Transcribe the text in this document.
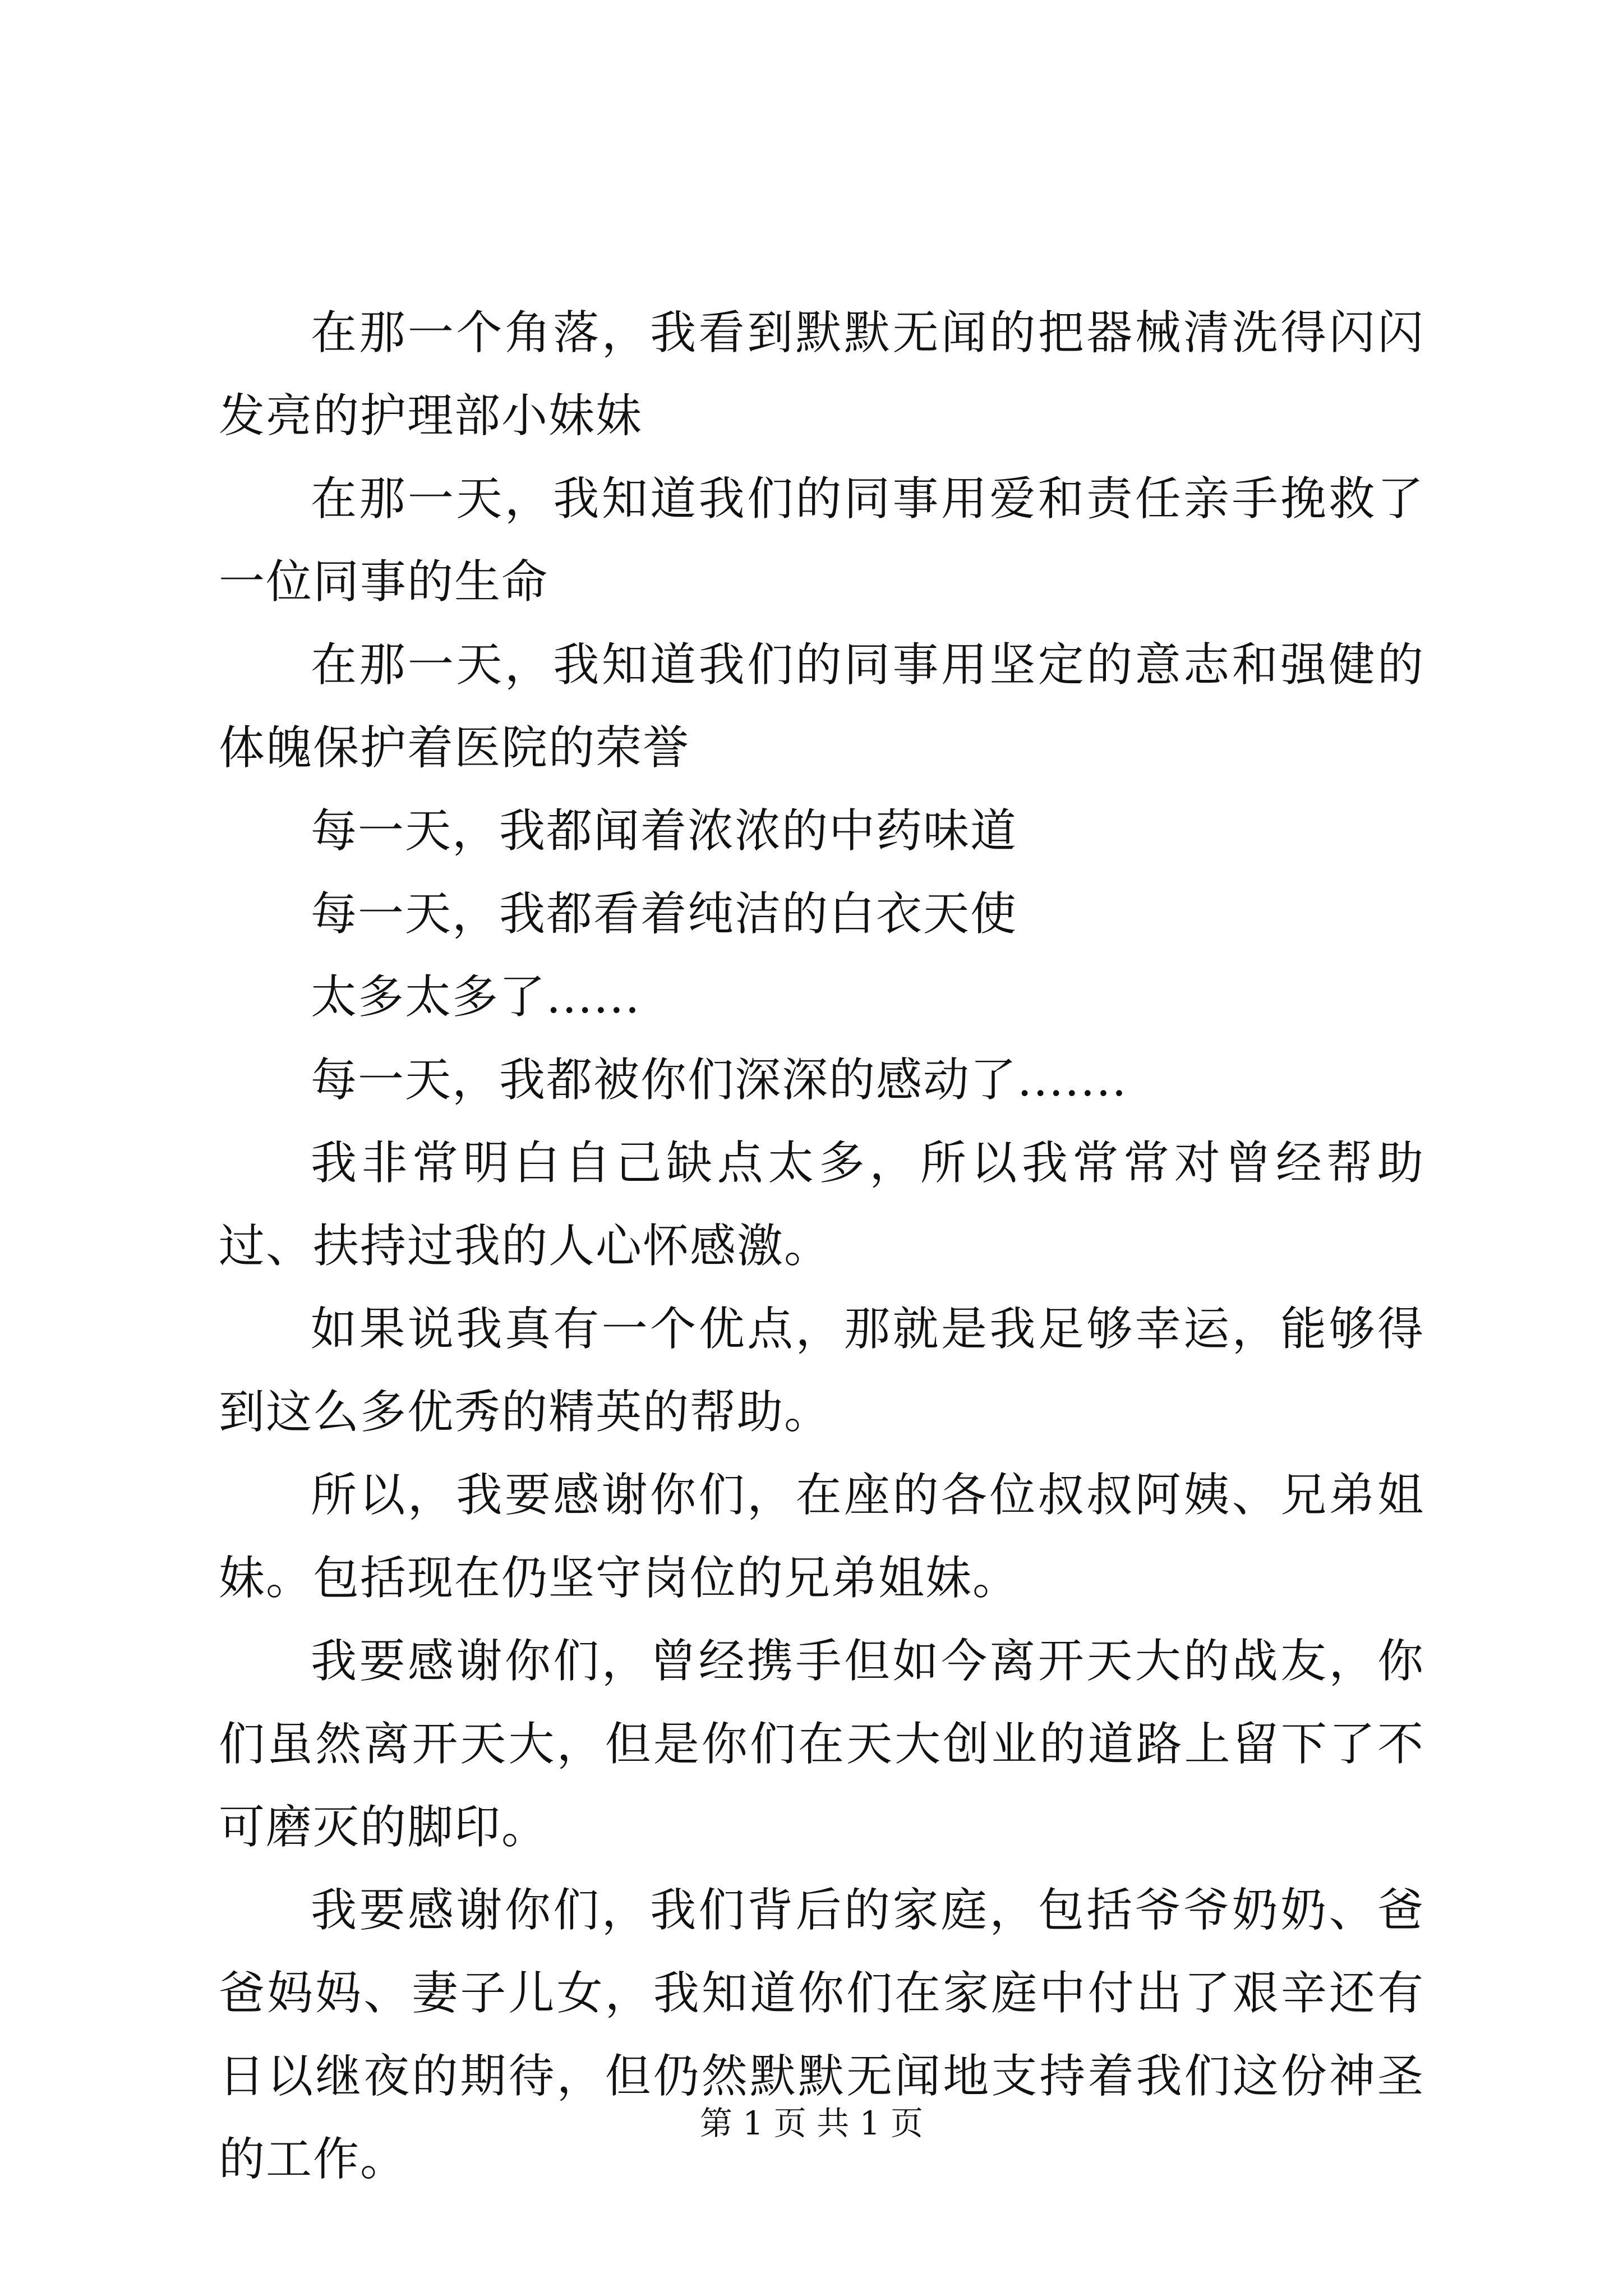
在那一个角落，我看到默默无闻的把器械清洗得闪闪发亮的护理部小妹妹

在那一天，我知道我们的同事用爱和责任亲手挽救了一位同事的生命

在那一天，我知道我们的同事用坚定的意志和强健的体魄保护着医院的荣誉

每一天，我都闻着浓浓的中药味道

每一天，我都看着纯洁的白衣天使

太多太多了......

每一天，我都被你们深深的感动了.......

我非常明白自己缺点太多，所以我常常对曾经帮助过、扶持过我的人心怀感激。

如果说我真有一个优点，那就是我足够幸运，能够得到这么多优秀的精英的帮助。

所以，我要感谢你们，在座的各位叔叔阿姨、兄弟姐妹。包括现在仍坚守岗位的兄弟姐妹。

我要感谢你们，曾经携手但如今离开天大的战友，你们虽然离开天大，但是你们在天大创业的道路上留下了不可磨灭的脚印。

我要感谢你们，我们背后的家庭，包括爷爷奶奶、爸爸妈妈、妻子儿女，我知道你们在家庭中付出了艰辛还有日以继夜的期待，但仍然默默无闻地支持着我们这份神圣的工作。

第 1 页 共 1 页
